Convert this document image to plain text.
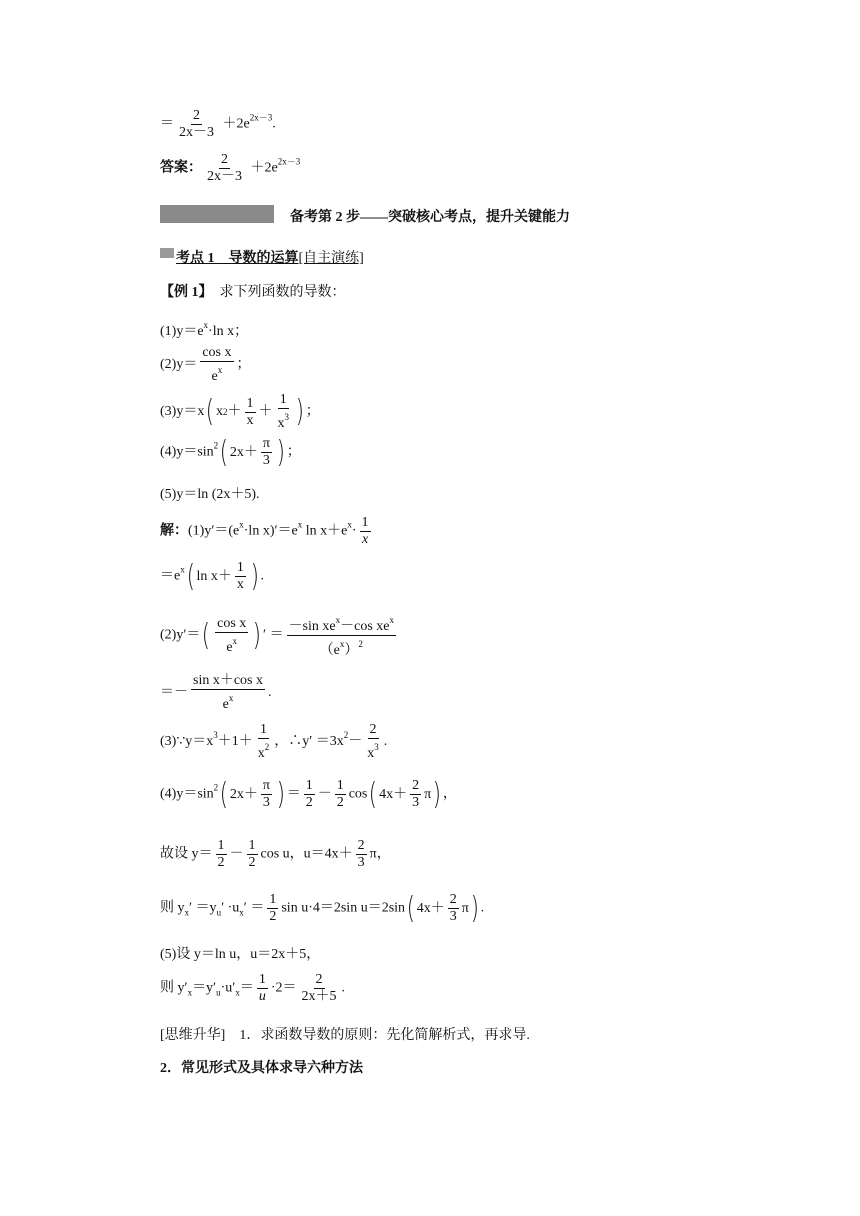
＝ $\frac{2}{2x-3} +2e^{2x-3}$.
答案： $\frac{2}{2x-3} +2e^{2x-3}$
备考第 2 步——突破核心考点，提升关键能力
考点 1　 导数的运算[自主演练]
【例 1】　 求下列函数的导数：
$(1)y=e^x\cdot\ln$ x；
$(2)y= \frac{\text{cos x}}{e^x}$ ；
(3)y＝x ( x $2 + \frac{1}{x} + \frac{1}{x^3}$ ) ；
$(4)y=\sin^2$ ( $2x+ \frac{\pi}{3}$ ) ；
(5)y＝ln (2x＋5).
解：$(1)y'=(e^x\cdot\ln$ $x)'=e^x$ $\ln x+e^x\cdot \frac{1}{x}$
$=e^x$ ( $\ln x+ \frac{1}{x}$ ) .
(2)y′＝ ( $\frac{\text{cos x}}{e^x}$ ) ′ ＝ $\frac{-\sin xe^x-\cos xe^x}{(e^x)^2}$
＝－ $\frac{\text{sin x＋cos x}}{e^x}$ .
$(3)\because y=x^3+1+ \frac{1}{x^2}$ ，∴y′ $=3x^2- \frac{2}{x^3}$ .
$(4)y=\sin^2$ ( $2x+ \frac{\pi}{3}$ ) ＝ $\frac{1}{2} - \frac{1}{2}$ cos ( $4x+ \frac{2}{3}$ π ) ，
故设 $y= \frac{1}{2} - \frac{1}{2}$ cos u，$u=4x+ \frac{2}{3}$ π，
则 $y_x' =y_u' \cdot u_x' = \frac{1}{2}$ sin u·4＝2sin u＝2sin ( $4x+ \frac{2}{3}$ π ) .
(5)设 y＝ln u，u＝2x＋5，
则 $y'_x=y'_u\cdot u'_x= \frac{1}{u} \cdot 2= \frac{2}{2x+5}$ .
[思维升华]　 1．求函数导数的原则：先化简解析式，再求导.
2．常见形式及具体求导六种方法
